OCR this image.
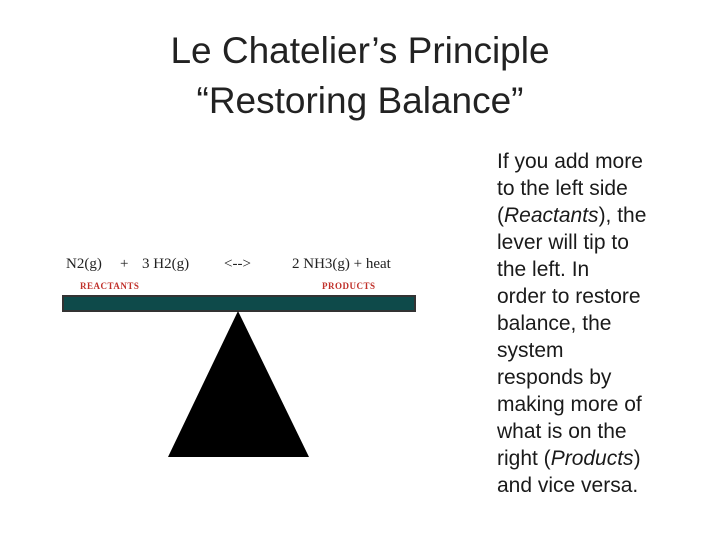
Le Chatelier’s Principle
“Restoring Balance”
N2(g) + 3 H2(g) <-->	2 NH3(g) + heat
REACTANTS	PRODUCTS

If you add more

to the left side

(Reactants), the

lever will tip to

the left. In

order to restore

balance, the

system

responds by

making more of

what is on the

right (Products)

and vice versa.
